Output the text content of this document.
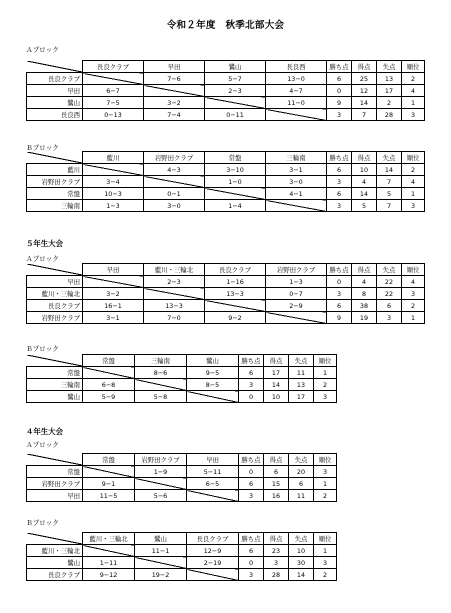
令和２年度　秋季北部大会
Ａブロック
	長良クラブ	早田	鷺山	長良西	勝ち点	得点	失点	順位
長良クラブ		7−6	5−7	13−0	6	25	13	2
早田	6−7		2−3	4−7	0	12	17	4
鷺山	7−5	3−2		11−0	9	14	2	1
長良西	0−13	7−4	0−11		3	7	28	3
Ｂブロック
	藍川	岩野田クラブ	常盤	三輪南	勝ち点	得点	失点	順位
藍川		4−3	3−10	3−1	6	10	14	2
岩野田クラブ	3−4		1−0	3−0	3	4	7	4
常盤	10−3	0−1		4−1	6	14	5	1
三輪南	1−3	3−0	1−4		3	5	7	3
５年生大会
Ａブロック
	早田	藍川・三輪北	長良クラブ	岩野田クラブ	勝ち点	得点	失点	順位
早田		2−3	1−16	1−3	0	4	22	4
藍川・三輪北	3−2		13−3	0−7	3	8	22	3
長良クラブ	16−1	13−3		2−9	6	38	6	2
岩野田クラブ	3−1	7−0	9−2		9	19	3	1
Ｂブロック
	常盤	三輪南	鷺山	勝ち点	得点	失点	順位
常盤		8−6	9−5	6	17	11	1
三輪南	6−8		8−5	3	14	13	2
鷺山	5−9	5−8		0	10	17	3
４年生大会
Ａブロック
	常盤	岩野田クラブ	早田	勝ち点	得点	失点	順位
常盤		1−9	5−11	0	6	20	3
岩野田クラブ	9−1		6−5	6	15	6	1
早田	11−5	5−6		3	16	11	2
Ｂブロック
	藍川・三輪北	鷺山	長良クラブ	勝ち点	得点	失点	順位
藍川・三輪北		11−1	12−9	6	23	10	1
鷺山	1−11		2−19	0	3	30	3
長良クラブ	9−12	19−2		3	28	14	2
